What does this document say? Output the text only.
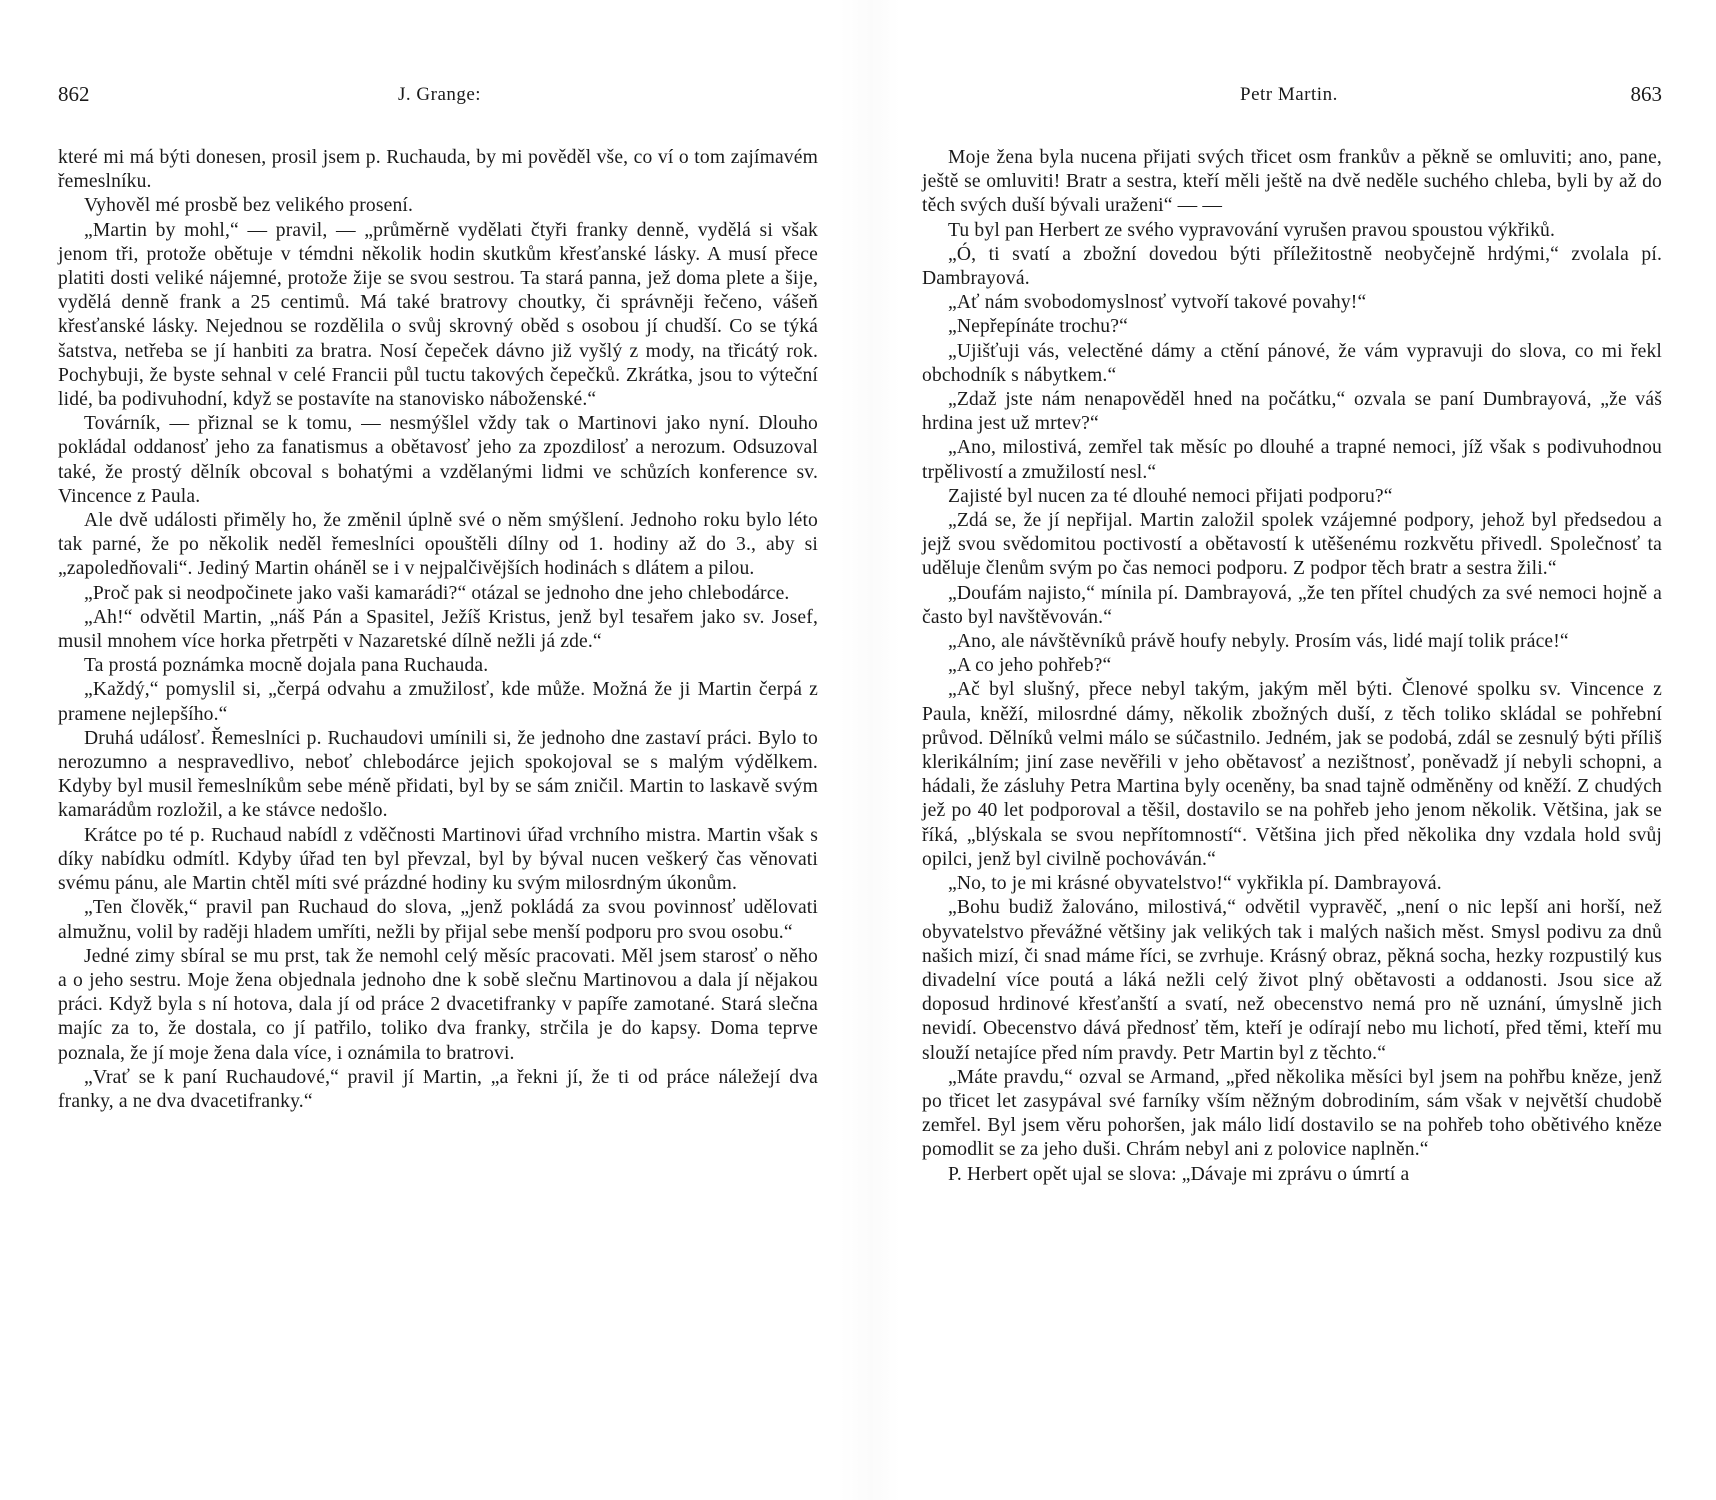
862	J. Grange:

které mi má býti donesen, prosil jsem p. Ruchauda, by mi pověděl vše, co ví o tom zajímavém řemeslníku.

Vyhověl mé prosbě bez velikého prosení.

„Martin by mohl,“ — pravil, — „průměrně vydělati čtyři franky denně, vydělá si však jenom tři, protože obětuje v témdni několik hodin skutkům křesťanské lásky. A musí přece platiti dosti veliké nájemné, protože žije se svou sestrou. Ta stará panna, jež doma plete a šije, vydělá denně frank a 25 centimů. Má také bratrovy choutky, či správněji řečeno, vášeň křesťanské lásky. Nejednou se rozdělila o svůj skrovný oběd s osobou jí chudší. Co se týká šatstva, netřeba se jí hanbiti za bratra. Nosí čepeček dávno již vyšlý z mody, na třicátý rok. Pochybuji, že byste sehnal v celé Francii půl tuctu takových čepečků. Zkrátka, jsou to výteční lidé, ba podivuhodní, když se postavíte na stanovisko náboženské.“

Továrník, — přiznal se k tomu, — nesmýšlel vždy tak o Martinovi jako nyní. Dlouho pokládal oddanosť jeho za fanatismus a obětavosť jeho za zpozdilosť a nerozum. Odsuzoval také, že prostý dělník obcoval s bohatými a vzdělanými lidmi ve schůzích konference sv. Vincence z Paula.

Ale dvě události přiměly ho, že změnil úplně své o něm smýšlení. Jednoho roku bylo léto tak parné, že po několik neděl řemeslníci opouštěli dílny od 1. hodiny až do 3., aby si „zapoledňovali“. Jediný Martin oháněl se i v nejpalčivějších hodinách s dlátem a pilou.

„Proč pak si neodpočinete jako vaši kamarádi?“ otázal se jednoho dne jeho chlebodárce.

„Ah!“ odvětil Martin, „náš Pán a Spasitel, Ježíš Kristus, jenž byl tesařem jako sv. Josef, musil mnohem více horka přetrpěti v Nazaretské dílně nežli já zde.“

Ta prostá poznámka mocně dojala pana Ruchauda.

„Každý,“ pomyslil si, „čerpá odvahu a zmužilosť, kde může. Možná že ji Martin čerpá z pramene nejlepšího.“

Druhá událosť. Řemeslníci p. Ruchaudovi umínili si, že jednoho dne zastaví práci. Bylo to nerozumno a nespravedlivo, neboť chlebodárce jejich spokojoval se s malým výdělkem. Kdyby byl musil řemeslníkům sebe méně přidati, byl by se sám zničil. Martin to laskavě svým kamarádům rozložil, a ke stávce nedošlo.

Krátce po té p. Ruchaud nabídl z vděčnosti Martinovi úřad vrchního mistra. Martin však s díky nabídku odmítl. Kdyby úřad ten byl převzal, byl by býval nucen veškerý čas věnovati svému pánu, ale Martin chtěl míti své prázdné hodiny ku svým milosrdným úkonům.

„Ten člověk,“ pravil pan Ruchaud do slova, „jenž pokládá za svou povinnosť udělovati almužnu, volil by raději hladem umříti, nežli by přijal sebe menší podporu pro svou osobu.“

Jedné zimy sbíral se mu prst, tak že nemohl celý měsíc pracovati. Měl jsem starosť o něho a o jeho sestru. Moje žena objednala jednoho dne k sobě slečnu Martinovou a dala jí nějakou práci. Když byla s ní hotova, dala jí od práce 2 dvacetifranky v papíře zamotané. Stará slečna majíc za to, že dostala, co jí patřilo, toliko dva franky, strčila je do kapsy. Doma teprve poznala, že jí moje žena dala více, i oznámila to bratrovi.

„Vrať se k paní Ruchaudové,“ pravil jí Martin, „a řekni jí, že ti od práce náležejí dva franky, a ne dva dvacetifranky.“

Petr Martin.	863

Moje žena byla nucena přijati svých třicet osm frankův a pěkně se omluviti; ano, pane, ještě se omluviti! Bratr a sestra, kteří měli ještě na dvě neděle suchého chleba, byli by až do těch svých duší bývali uraženi“ — —

Tu byl pan Herbert ze svého vypravování vyrušen pravou spoustou výkřiků.

„Ó, ti svatí a zbožní dovedou býti příležitostně neobyčejně hrdými,“ zvolala pí. Dambrayová.

„Ať nám svobodomyslnosť vytvoří takové povahy!“

„Nepřepínáte trochu?“

„Ujišťuji vás, velectěné dámy a ctění pánové, že vám vypravuji do slova, co mi řekl obchodník s nábytkem.“

„Zdaž jste nám nenapověděl hned na počátku,“ ozvala se paní Dumbrayová, „že váš hrdina jest už mrtev?“

„Ano, milostivá, zemřel tak měsíc po dlouhé a trapné nemoci, jíž však s podivuhodnou trpělivostí a zmužilostí nesl.“

Zajisté byl nucen za té dlouhé nemoci přijati podporu?“

„Zdá se, že jí nepřijal. Martin založil spolek vzájemné podpory, jehož byl předsedou a jejž svou svědomitou poctivostí a obětavostí k utěšenému rozkvětu přivedl. Společnosť ta uděluje členům svým po čas nemoci podporu. Z podpor těch bratr a sestra žili.“

„Doufám najisto,“ mínila pí. Dambrayová, „že ten přítel chudých za své nemoci hojně a často byl navštěvován.“

„Ano, ale návštěvníků právě houfy nebyly. Prosím vás, lidé mají tolik práce!“

„A co jeho pohřeb?“

„Ač byl slušný, přece nebyl takým, jakým měl býti. Členové spolku sv. Vincence z Paula, kněží, milosrdné dámy, několik zbožných duší, z těch toliko skládal se pohřební průvod. Dělníků velmi málo se súčastnilo. Jedném, jak se podobá, zdál se zesnulý býti příliš klerikálním; jiní zase nevěřili v jeho obětavosť a nezištnosť, poněvadž jí nebyli schopni, a hádali, že zásluhy Petra Martina byly oceněny, ba snad tajně odměněny od kněží. Z chudých jež po 40 let podporoval a těšil, dostavilo se na pohřeb jeho jenom několik. Většina, jak se říká, „blýskala se svou nepřítomností“. Většina jich před několika dny vzdala hold svůj opilci, jenž byl civilně pochováván.“

„No, to je mi krásné obyvatelstvo!“ vykřikla pí. Dambrayová.

„Bohu budiž žalováno, milostivá,“ odvětil vypravěč, „není o nic lepší ani horší, než obyvatelstvo převážné většiny jak velikých tak i malých našich měst. Smysl podivu za dnů našich mizí, či snad máme říci, se zvrhuje. Krásný obraz, pěkná socha, hezky rozpustilý kus divadelní více poutá a láká nežli celý život plný obětavosti a oddanosti. Jsou sice až doposud hrdinové křesťanští a svatí, než obecenstvo nemá pro ně uznání, úmyslně jich nevidí. Obecenstvo dává přednosť těm, kteří je odírají nebo mu lichotí, před těmi, kteří mu slouží netajíce před ním pravdy. Petr Martin byl z těchto.“

„Máte pravdu,“ ozval se Armand, „před několika měsíci byl jsem na pohřbu kněze, jenž po třicet let zasypával své farníky vším něžným dobrodiním, sám však v největší chudobě zemřel. Byl jsem věru pohoršen, jak málo lidí dostavilo se na pohřeb toho obětivého kněze pomodlit se za jeho duši. Chrám nebyl ani z polovice naplněn.“

P. Herbert opět ujal se slova: „Dávaje mi zprávu o úmrtí a
